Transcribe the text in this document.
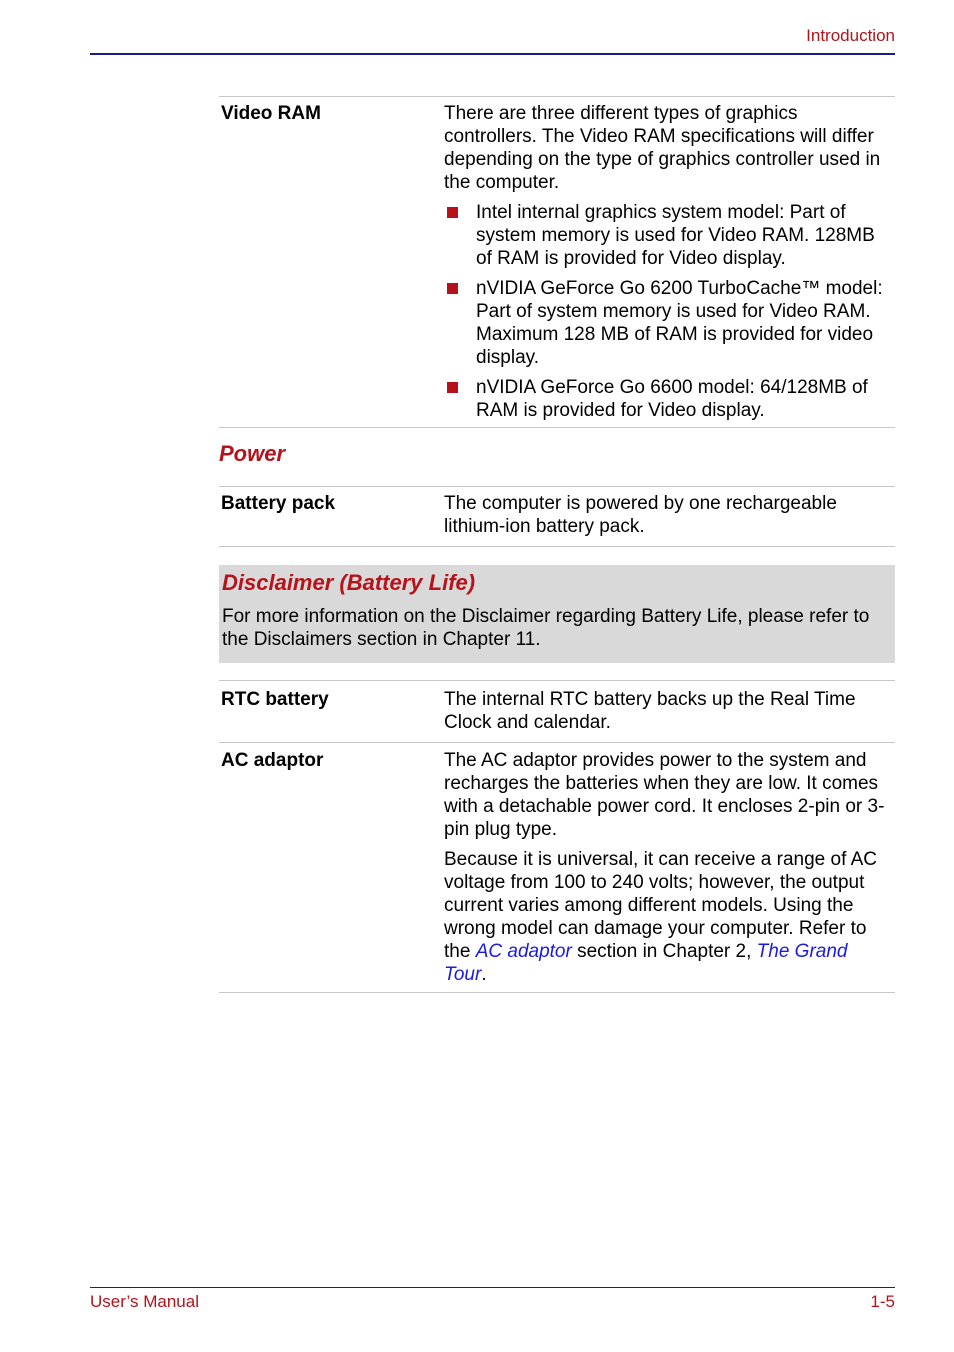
Introduction
Video RAM	There are three different types of graphics controllers. The Video RAM specifications will differ depending on the type of graphics controller used in the computer.

Intel internal graphics system model: Part of system memory is used for Video RAM. 128MB of RAM is provided for Video display.
nVIDIA GeForce Go 6200 TurboCache™ model: Part of system memory is used for Video RAM. Maximum 128 MB of RAM is provided for video display.
nVIDIA GeForce Go 6600 model: 64/128MB of RAM is provided for Video display.
Power
Battery pack	The computer is powered by one rechargeable lithium-ion battery pack.
Disclaimer (Battery Life)
For more information on the Disclaimer regarding Battery Life, please refer to the Disclaimers section in Chapter 11.
RTC battery	The internal RTC battery backs up the Real Time Clock and calendar.
AC adaptor	The AC adaptor provides power to the system and recharges the batteries when they are low. It comes with a detachable power cord. It encloses 2-pin or 3-pin plug type.

Because it is universal, it can receive a range of AC voltage from 100 to 240 volts; however, the output current varies among different models. Using the wrong model can damage your computer. Refer to the AC adaptor section in Chapter 2, The Grand Tour.

User’s Manual	1-5
